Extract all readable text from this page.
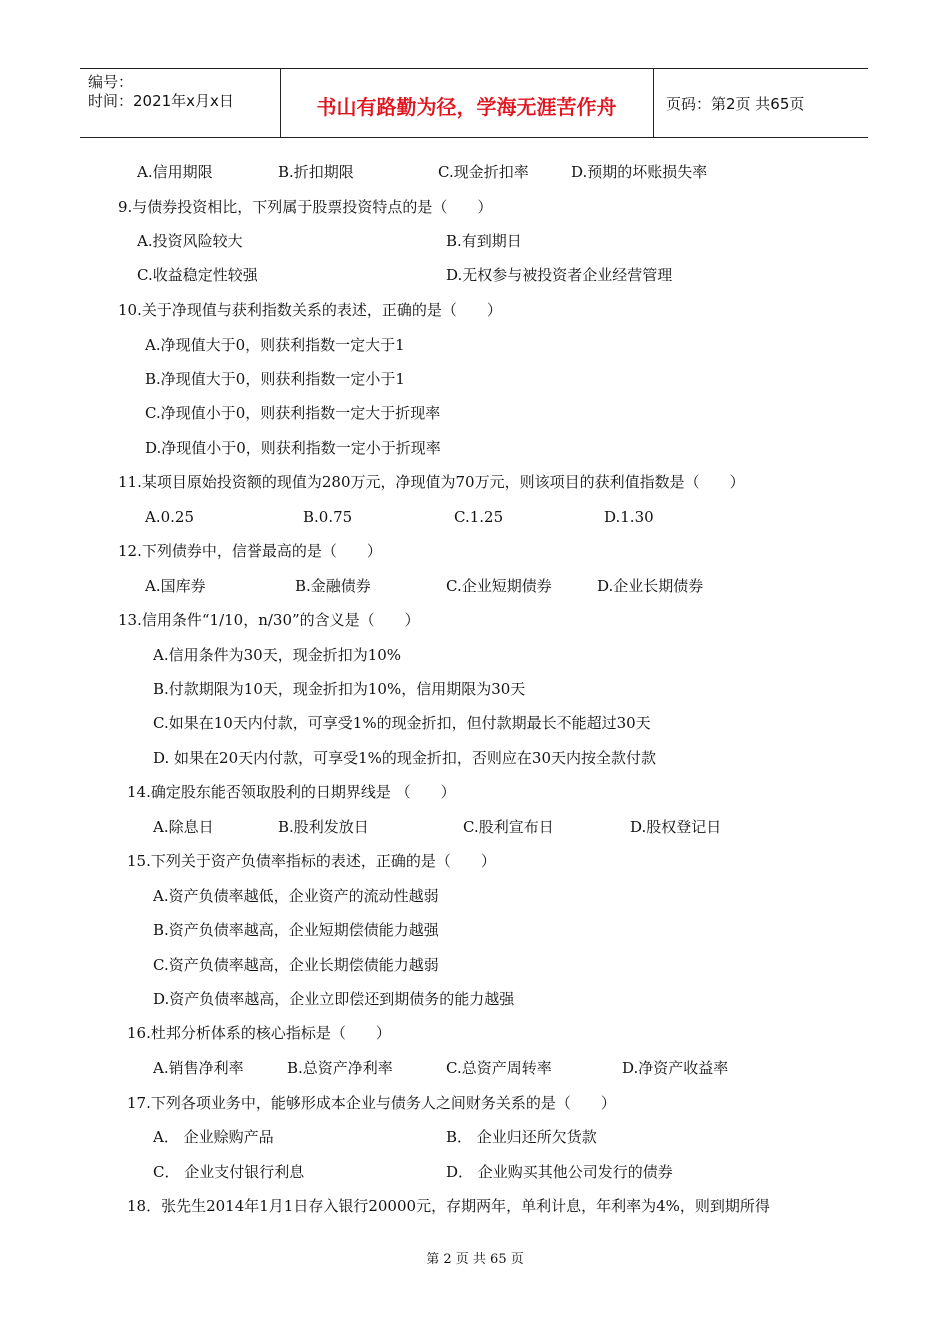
编号：
时间：2021年x月x日	书山有路勤为径，学海无涯苦作舟	页码：第2页 共65页
A.信用期限	B.折扣期限	C.现金折扣率	D.预期的坏账损失率
9.与债券投资相比，下列属于股票投资特点的是（　　）
A.投资风险较大	B.有到期日
C.收益稳定性较强	D.无权参与被投资者企业经营管理
10.关于净现值与获利指数关系的表述，正确的是（　　）
A.净现值大于0，则获利指数一定大于1
B.净现值大于0，则获利指数一定小于1
C.净现值小于0，则获利指数一定大于折现率
D.净现值小于0，则获利指数一定小于折现率
11.某项目原始投资额的现值为280万元，净现值为70万元，则该项目的获利值指数是（　　）
A.0.25	B.0.75	C.1.25	D.1.30
12.下列债券中，信誉最高的是（　　）
A.国库券	B.金融债券	C.企业短期债券	D.企业长期债券
13.信用条件“1/10，n/30”的含义是（　　）
A.信用条件为30天，现金折扣为10%
B.付款期限为10天，现金折扣为10%，信用期限为30天
C.如果在10天内付款，可享受1%的现金折扣，但付款期最长不能超过30天
D. 如果在20天内付款，可享受1%的现金折扣，否则应在30天内按全款付款
14.确定股东能否领取股利的日期界线是 （　　）
A.除息日	B.股利发放日	C.股利宣布日	D.股权登记日
15.下列关于资产负债率指标的表述，正确的是（　　）
A.资产负债率越低，企业资产的流动性越弱
B.资产负债率越高，企业短期偿债能力越强
C.资产负债率越高，企业长期偿债能力越弱
D.资产负债率越高，企业立即偿还到期债务的能力越强
16.杜邦分析体系的核心指标是（　　）
A.销售净利率	B.总资产净利率	C.总资产周转率	D.净资产收益率
17.下列各项业务中，能够形成本企业与债务人之间财务关系的是（　　）
A． 企业赊购产品	B． 企业归还所欠货款
C． 企业支付银行利息	D． 企业购买其他公司发行的债券
18．张先生2014年1月1日存入银行20000元，存期两年，单利计息，年利率为4%，则到期所得
第 2 页 共 65 页
